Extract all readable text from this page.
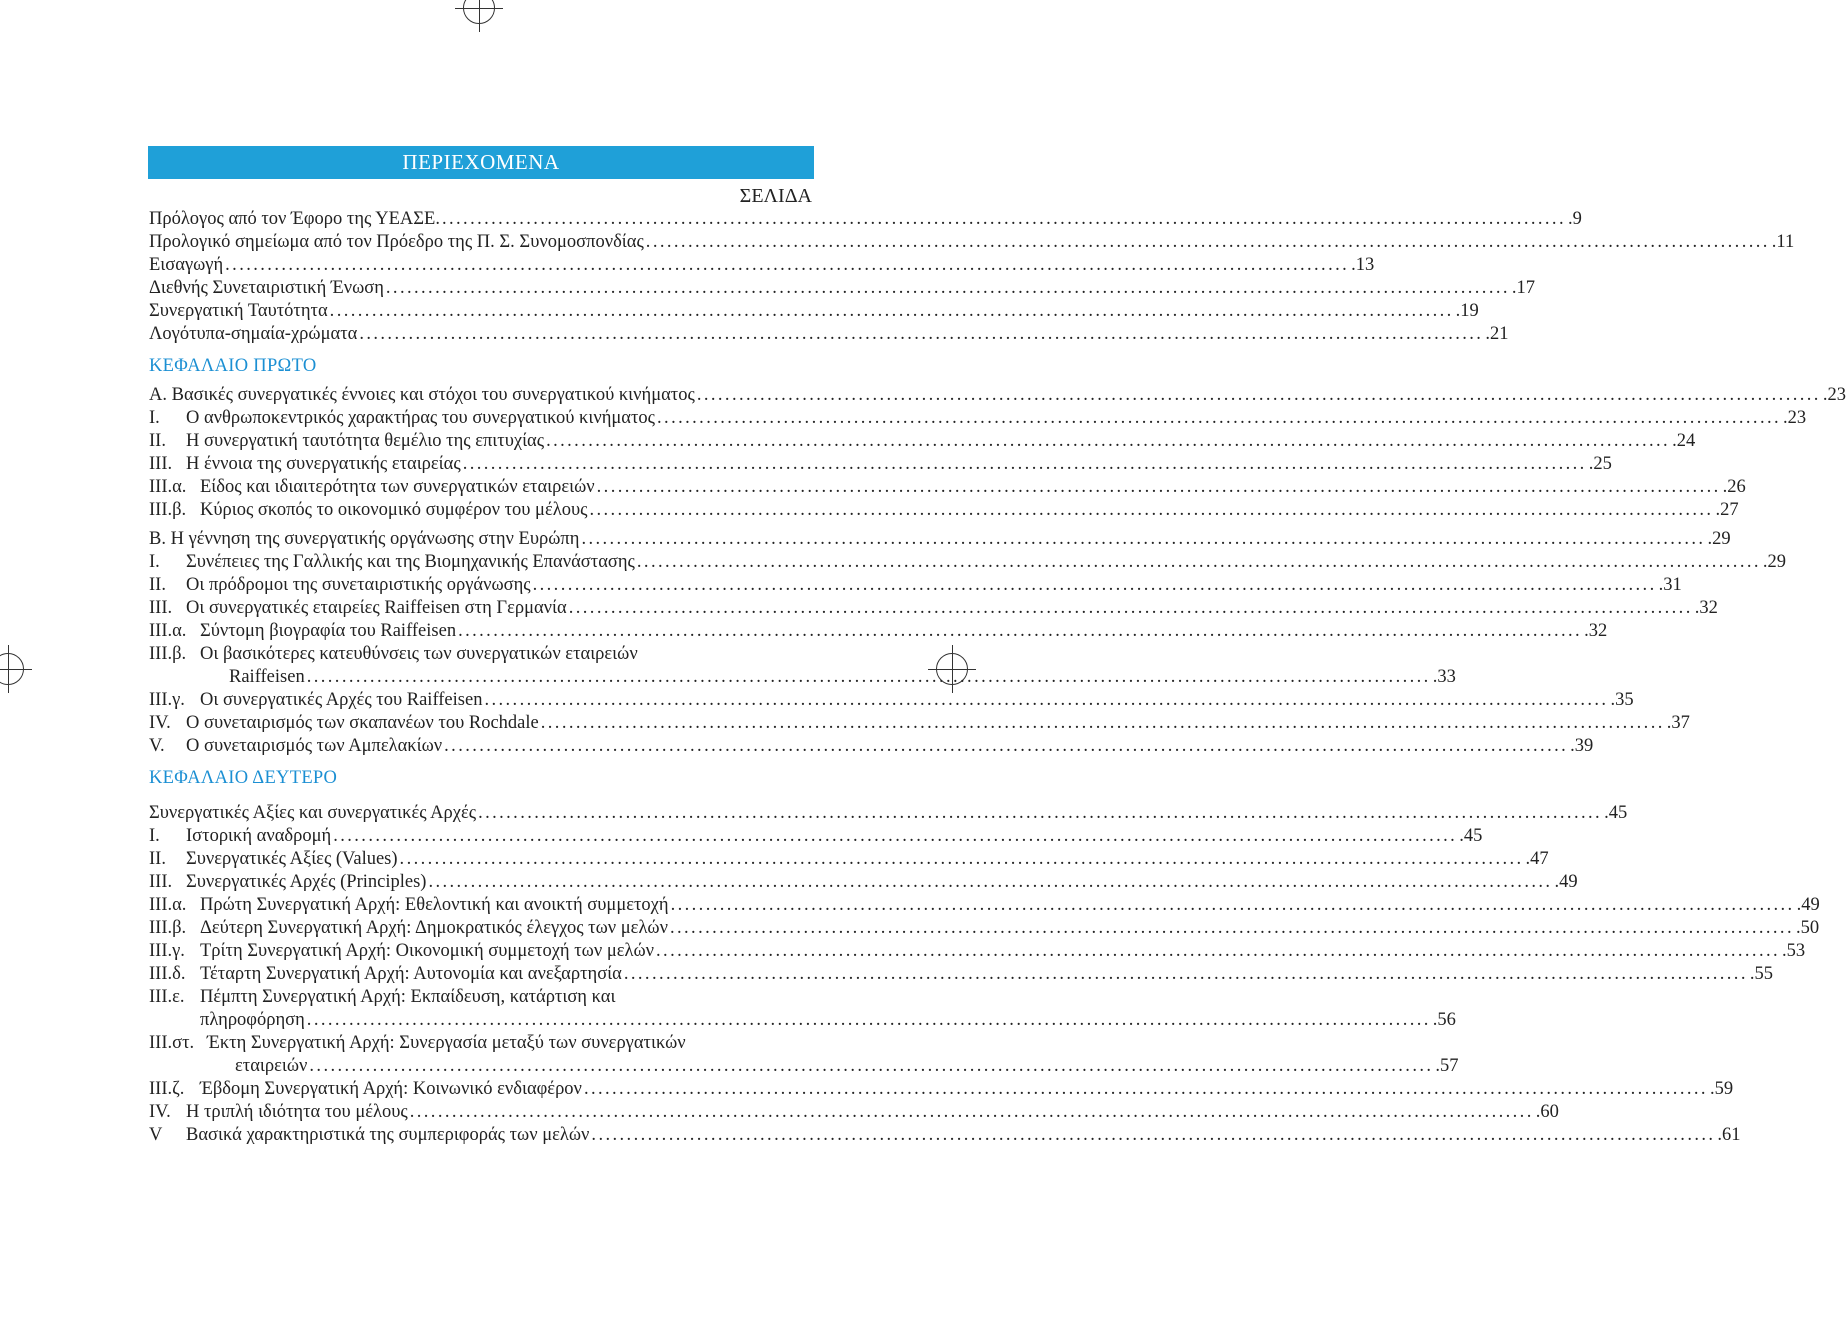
ΠΕΡΙΕΧΟΜΕΝΑ
ΣΕΛΙΔΑ
Πρόλογος από τον Έφορο της ΥΕΑΣΕ. ................................................................................................................................................................ .9
Προλογικό σημείωμα από τον Πρόεδρο της Π. Σ. Συνομοσπονδίας ................................................................................................................................................................ .11
Εισαγωγή ................................................................................................................................................................ .13
Διεθνής Συνεταιριστική Ένωση ................................................................................................................................................................ .17
Συνεργατική Ταυτότητα ................................................................................................................................................................ .19
Λογότυπα-σημαία-χρώματα ................................................................................................................................................................ .21
ΚΕΦΑΛΑΙΟ ΠΡΩΤΟ
Α. Βασικές συνεργατικές έννοιες και στόχοι του συνεργατικού κινήματος ................................................................................................................................................................ .23
Ι.	Ο ανθρωποκεντρικός χαρακτήρας του συνεργατικού κινήματος ................................................................................................................................................................ .23
ΙΙ.	Η συνεργατική ταυτότητα θεμέλιο της επιτυχίας ................................................................................................................................................................ .24
ΙΙΙ. Η έννοια της συνεργατικής εταιρείας ................................................................................................................................................................ .25
ΙΙΙ.α. Είδος και ιδιαιτερότητα των συνεργατικών εταιρειών ................................................................................................................................................................ .26
ΙΙΙ.β. Κύριος σκοπός το οικονομικό συμφέρον του μέλους ................................................................................................................................................................ .27
Β. Η γέννηση της συνεργατικής οργάνωσης στην Ευρώπη ................................................................................................................................................................ .29
Ι.	Συνέπειες της Γαλλικής και της Βιομηχανικής Επανάστασης ................................................................................................................................................................ .29
ΙΙ.	Οι πρόδρομοι της συνεταιριστικής οργάνωσης ................................................................................................................................................................ .31
ΙΙΙ. Οι συνεργατικές εταιρείες Raiffeisen στη Γερμανία ................................................................................................................................................................ .32
ΙΙΙ.α. Σύντομη βιογραφία του Raiffeisen ................................................................................................................................................................ .32
ΙΙΙ.β. Οι βασικότερες κατευθύνσεις των συνεργατικών εταιρειών
Raiffeisen ................................................................................................................................................................ .33
ΙΙΙ.γ. Οι συνεργατικές Αρχές του Raiffeisen ................................................................................................................................................................ .35
IV. Ο συνεταιρισμός των σκαπανέων του Rochdale ................................................................................................................................................................ .37
V.	Ο συνεταιρισμός των Αμπελακίων ................................................................................................................................................................ .39
ΚΕΦΑΛΑΙΟ ΔΕΥΤΕΡΟ
Συνεργατικές Αξίες και συνεργατικές Αρχές ................................................................................................................................................................ .45
Ι.	Ιστορική αναδρομή ................................................................................................................................................................ .45
ΙΙ.	Συνεργατικές Αξίες (Values) ................................................................................................................................................................ .47
ΙΙΙ. Συνεργατικές Αρχές (Principles) ................................................................................................................................................................ .49
ΙΙΙ.α. Πρώτη Συνεργατική Αρχή: Εθελοντική και ανοικτή συμμετοχή ................................................................................................................................................................ .49
ΙΙΙ.β. Δεύτερη Συνεργατική Αρχή: Δημοκρατικός έλεγχος των μελών ................................................................................................................................................................ .50
ΙΙΙ.γ. Τρίτη Συνεργατική Αρχή: Οικονομική συμμετοχή των μελών ................................................................................................................................................................ .53
ΙΙΙ.δ. Τέταρτη Συνεργατική Αρχή: Αυτονομία και ανεξαρτησία ................................................................................................................................................................ .55
ΙΙΙ.ε. Πέμπτη Συνεργατική Αρχή: Εκπαίδευση, κατάρτιση και
πληροφόρηση ................................................................................................................................................................ .56
ΙΙΙ.στ. Έκτη Συνεργατική Αρχή: Συνεργασία μεταξύ των συνεργατικών
εταιρειών ................................................................................................................................................................ .57
ΙΙΙ.ζ. Έβδομη Συνεργατική Αρχή: Κοινωνικό ενδιαφέρον ................................................................................................................................................................ .59
IV. Η τριπλή ιδιότητα του μέλους ................................................................................................................................................................ .60
V	Βασικά χαρακτηριστικά της συμπεριφοράς των μελών ................................................................................................................................................................ .61
